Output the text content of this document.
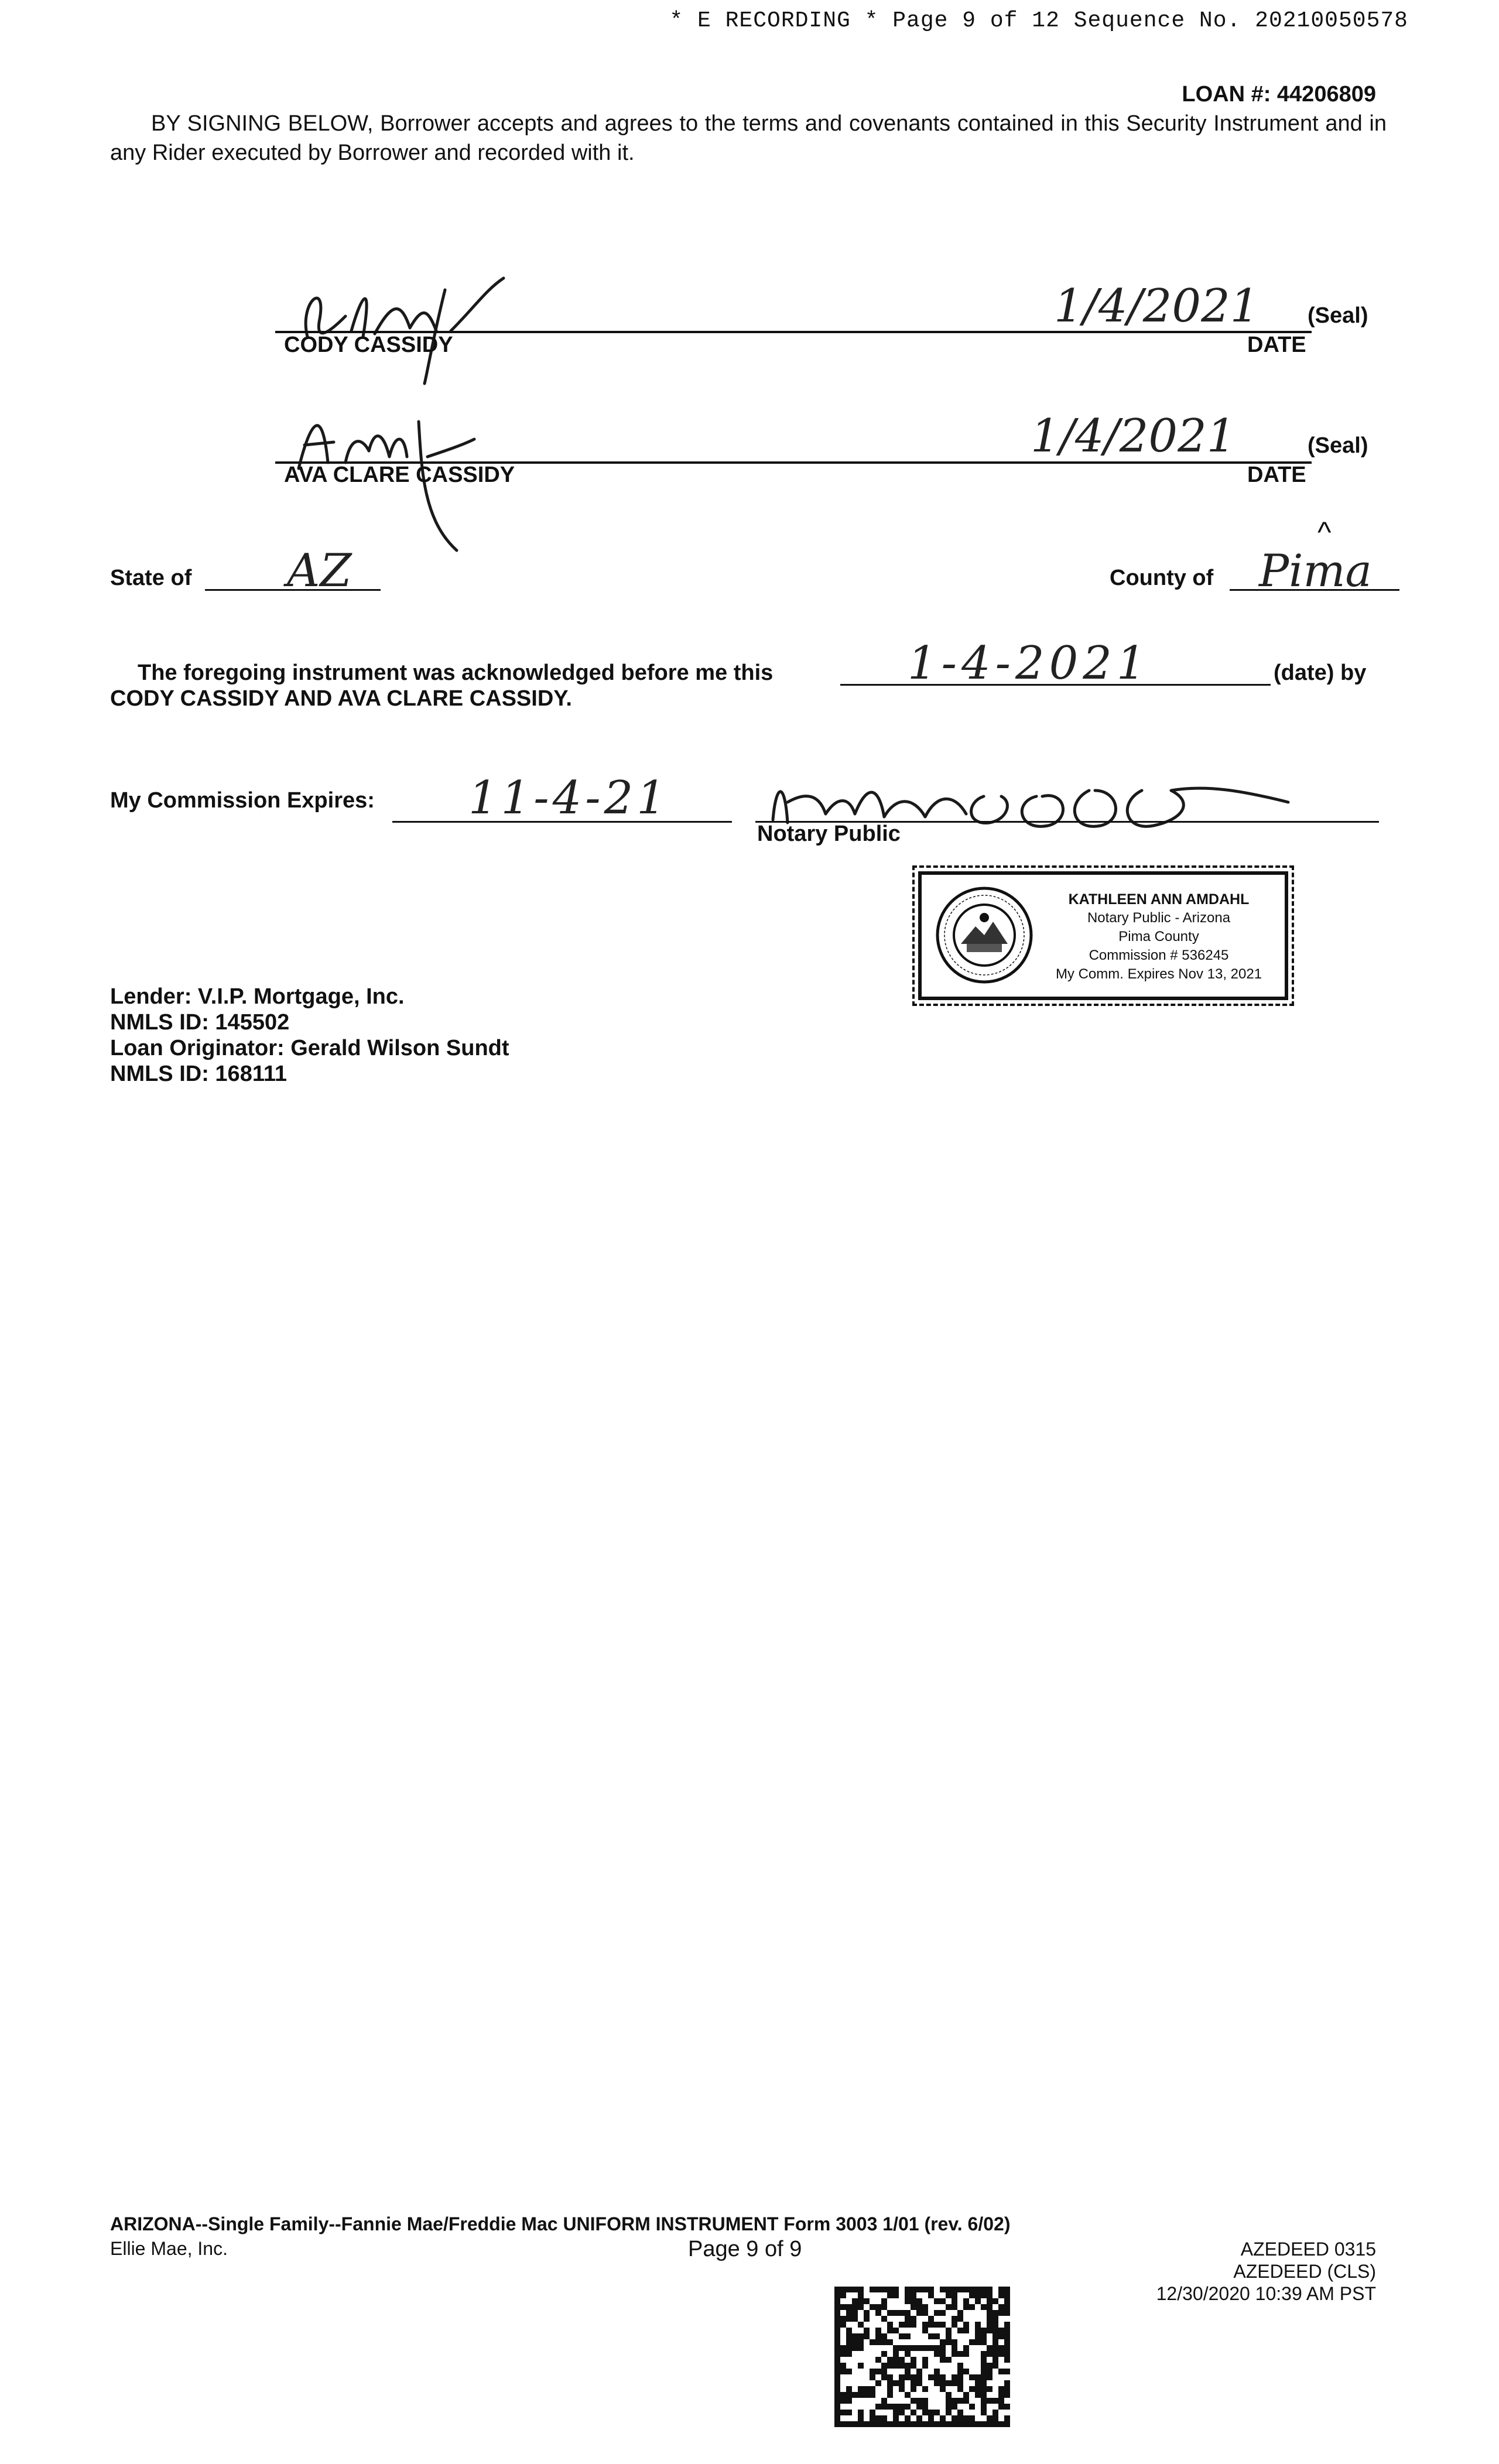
* E RECORDING * Page 9 of 12 Sequence No. 20210050578
LOAN #: 44206809
BY SIGNING BELOW, Borrower accepts and agrees to the terms and covenants contained in this Security Instrument and in any Rider executed by Borrower and recorded with it.
1/4/2021
CODY CASSIDY	DATE
(Seal)
1/4/2021
AVA CLARE CASSIDY	DATE
(Seal)
State of AZ
^
County of Pima
The foregoing instrument was acknowledged before me this	1-4-2021	(date) by
CODY CASSIDY AND AVA CLARE CASSIDY.
My Commission Expires: 11-4-21
Notary Public
KATHLEEN ANN AMDAHL
Notary Public - Arizona
Pima County
Commission # 536245
My Comm. Expires Nov 13, 2021
Lender: V.I.P. Mortgage, Inc.
NMLS ID: 145502
Loan Originator: Gerald Wilson Sundt
NMLS ID: 168111
ARIZONA--Single Family--Fannie Mae/Freddie Mac UNIFORM INSTRUMENT Form 3003 1/01 (rev. 6/02)
Ellie Mae, Inc.	Page 9 of 9	AZEDEED 0315
AZEDEED (CLS)
12/30/2020 10:39 AM PST
